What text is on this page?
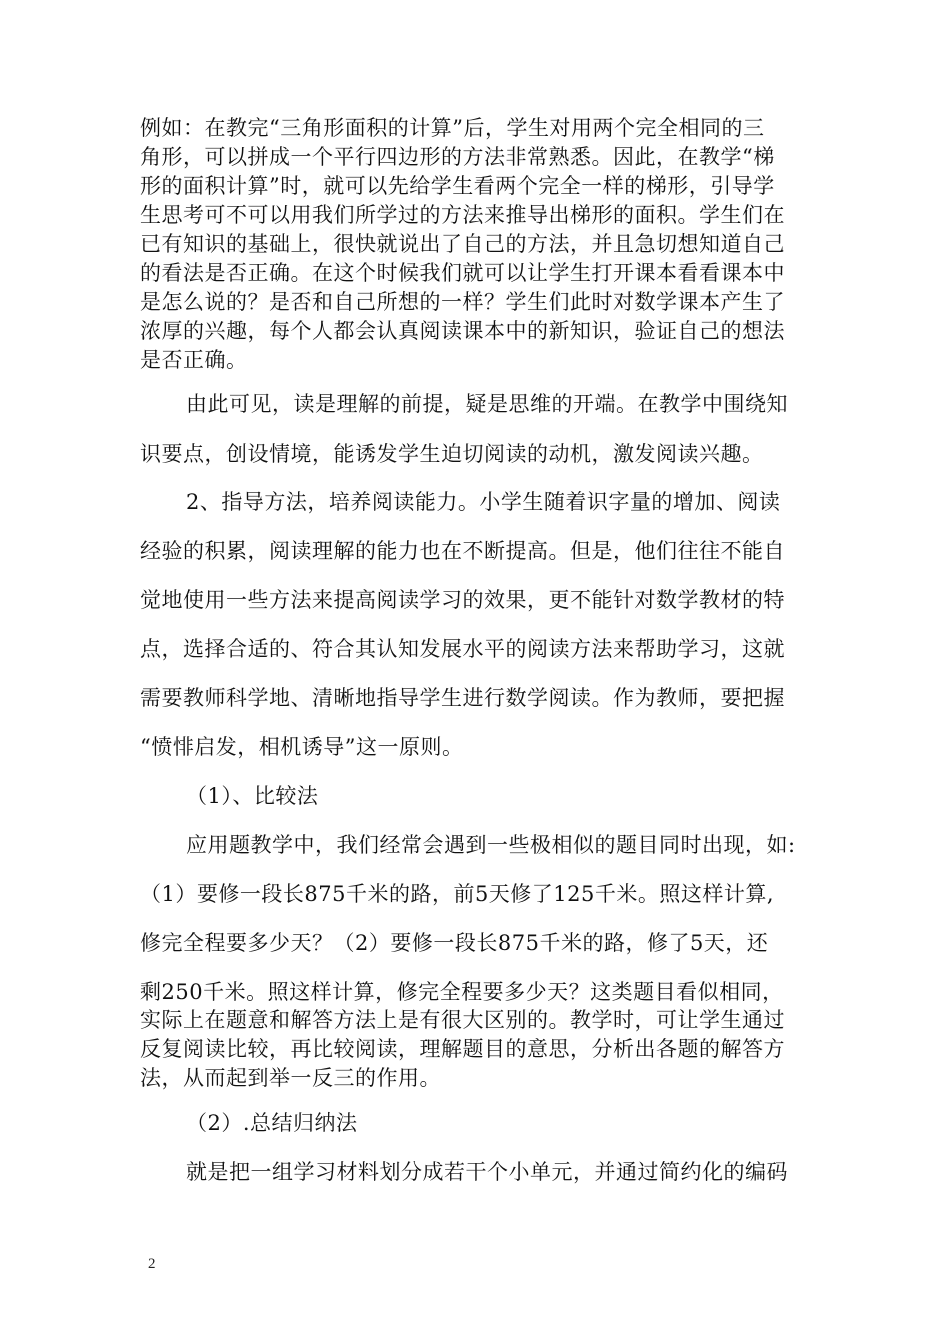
例如：在教完“三角形面积的计算”后，学生对用两个完全相同的三
角形，可以拼成一个平行四边形的方法非常熟悉。因此，在教学“梯
形的面积计算”时，就可以先给学生看两个完全一样的梯形，引导学
生思考可不可以用我们所学过的方法来推导出梯形的面积。学生们在
已有知识的基础上，很快就说出了自己的方法，并且急切想知道自己
的看法是否正确。在这个时候我们就可以让学生打开课本看看课本中
是怎么说的？是否和自己所想的一样？学生们此时对数学课本产生了
浓厚的兴趣，每个人都会认真阅读课本中的新知识，验证自己的想法
是否正确。
由此可见，读是理解的前提，疑是思维的开端。在教学中围绕知
识要点，创设情境，能诱发学生迫切阅读的动机，激发阅读兴趣。
2、指导方法，培养阅读能力。小学生随着识字量的增加、阅读
经验的积累，阅读理解的能力也在不断提高。但是，他们往往不能自
觉地使用一些方法来提高阅读学习的效果，更不能针对数学教材的特
点，选择合适的、符合其认知发展水平的阅读方法来帮助学习，这就
需要教师科学地、清晰地指导学生进行数学阅读。作为教师，要把握
“愤悱启发，相机诱导”这一原则。
（1）、比较法
应用题教学中，我们经常会遇到一些极相似的题目同时出现，如:
（1）要修一段长875千米的路，前5天修了125千米。照这样计算,
修完全程要多少天？（2）要修一段长875千米的路，修了5天，还
剩250千米。照这样计算，修完全程要多少天？这类题目看似相同，
实际上在题意和解答方法上是有很大区别的。教学时，可让学生通过
反复阅读比较，再比较阅读，理解题目的意思，分析出各题的解答方
法，从而起到举一反三的作用。
（2）.总结归纳法
就是把一组学习材料划分成若干个小单元，并通过简约化的编码
2
